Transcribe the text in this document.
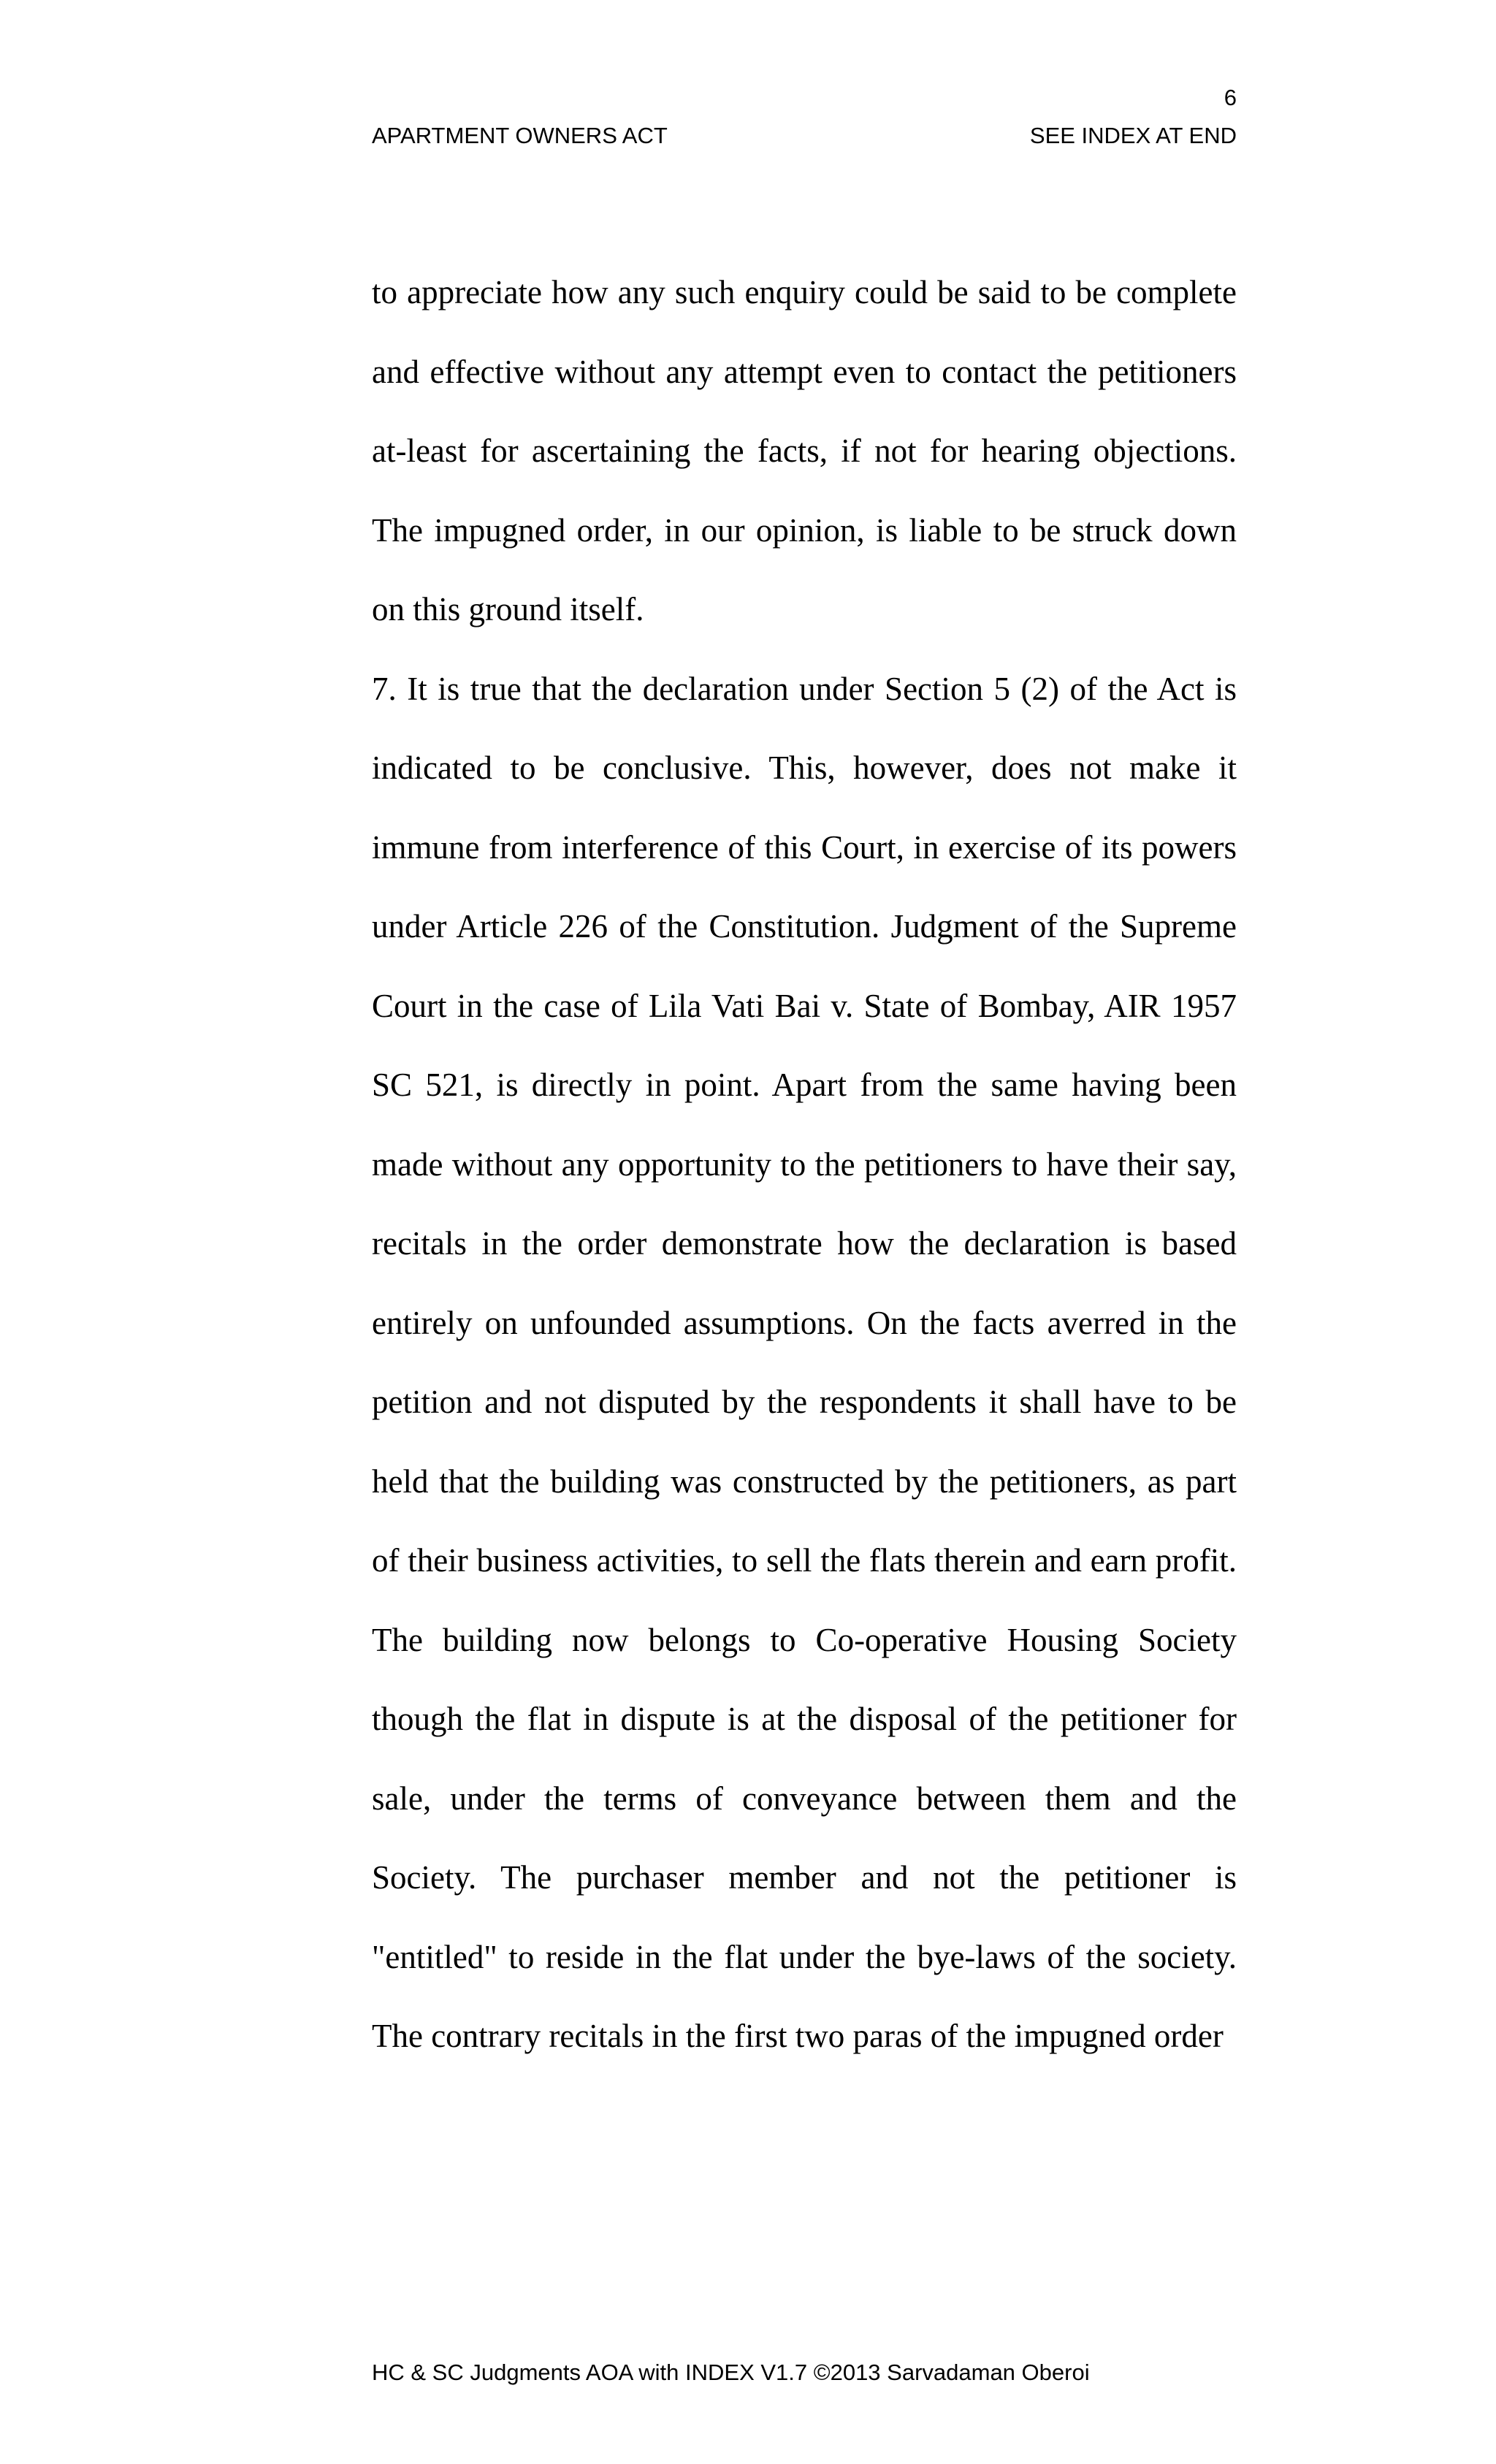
6
APARTMENT OWNERS ACT	SEE INDEX AT END

to appreciate how any such enquiry could be said to be complete and effective without any attempt even to contact the petitioners at-least for ascertaining the facts, if not for hearing objections. The impugned order, in our opinion, is liable to be struck down on this ground itself.

7. It is true that the declaration under Section 5 (2) of the Act is indicated to be conclusive. This, however, does not make it immune from interference of this Court, in exercise of its powers under Article 226 of the Constitution. Judgment of the Supreme Court in the case of Lila Vati Bai v. State of Bombay, AIR 1957 SC 521, is directly in point. Apart from the same having been made without any opportunity to the petitioners to have their say, recitals in the order demonstrate how the declaration is based entirely on unfounded assumptions. On the facts averred in the petition and not disputed by the respondents it shall have to be held that the building was constructed by the petitioners, as part of their business activities, to sell the flats therein and earn profit. The building now belongs to Co-operative Housing Society though the flat in dispute is at the disposal of the petitioner for sale, under the terms of conveyance between them and the Society. The purchaser member and not the petitioner is "entitled" to reside in the flat under the bye-laws of the society. The contrary recitals in the first two paras of the impugned order

HC & SC Judgments AOA with INDEX V1.7 ©2013 Sarvadaman Oberoi
